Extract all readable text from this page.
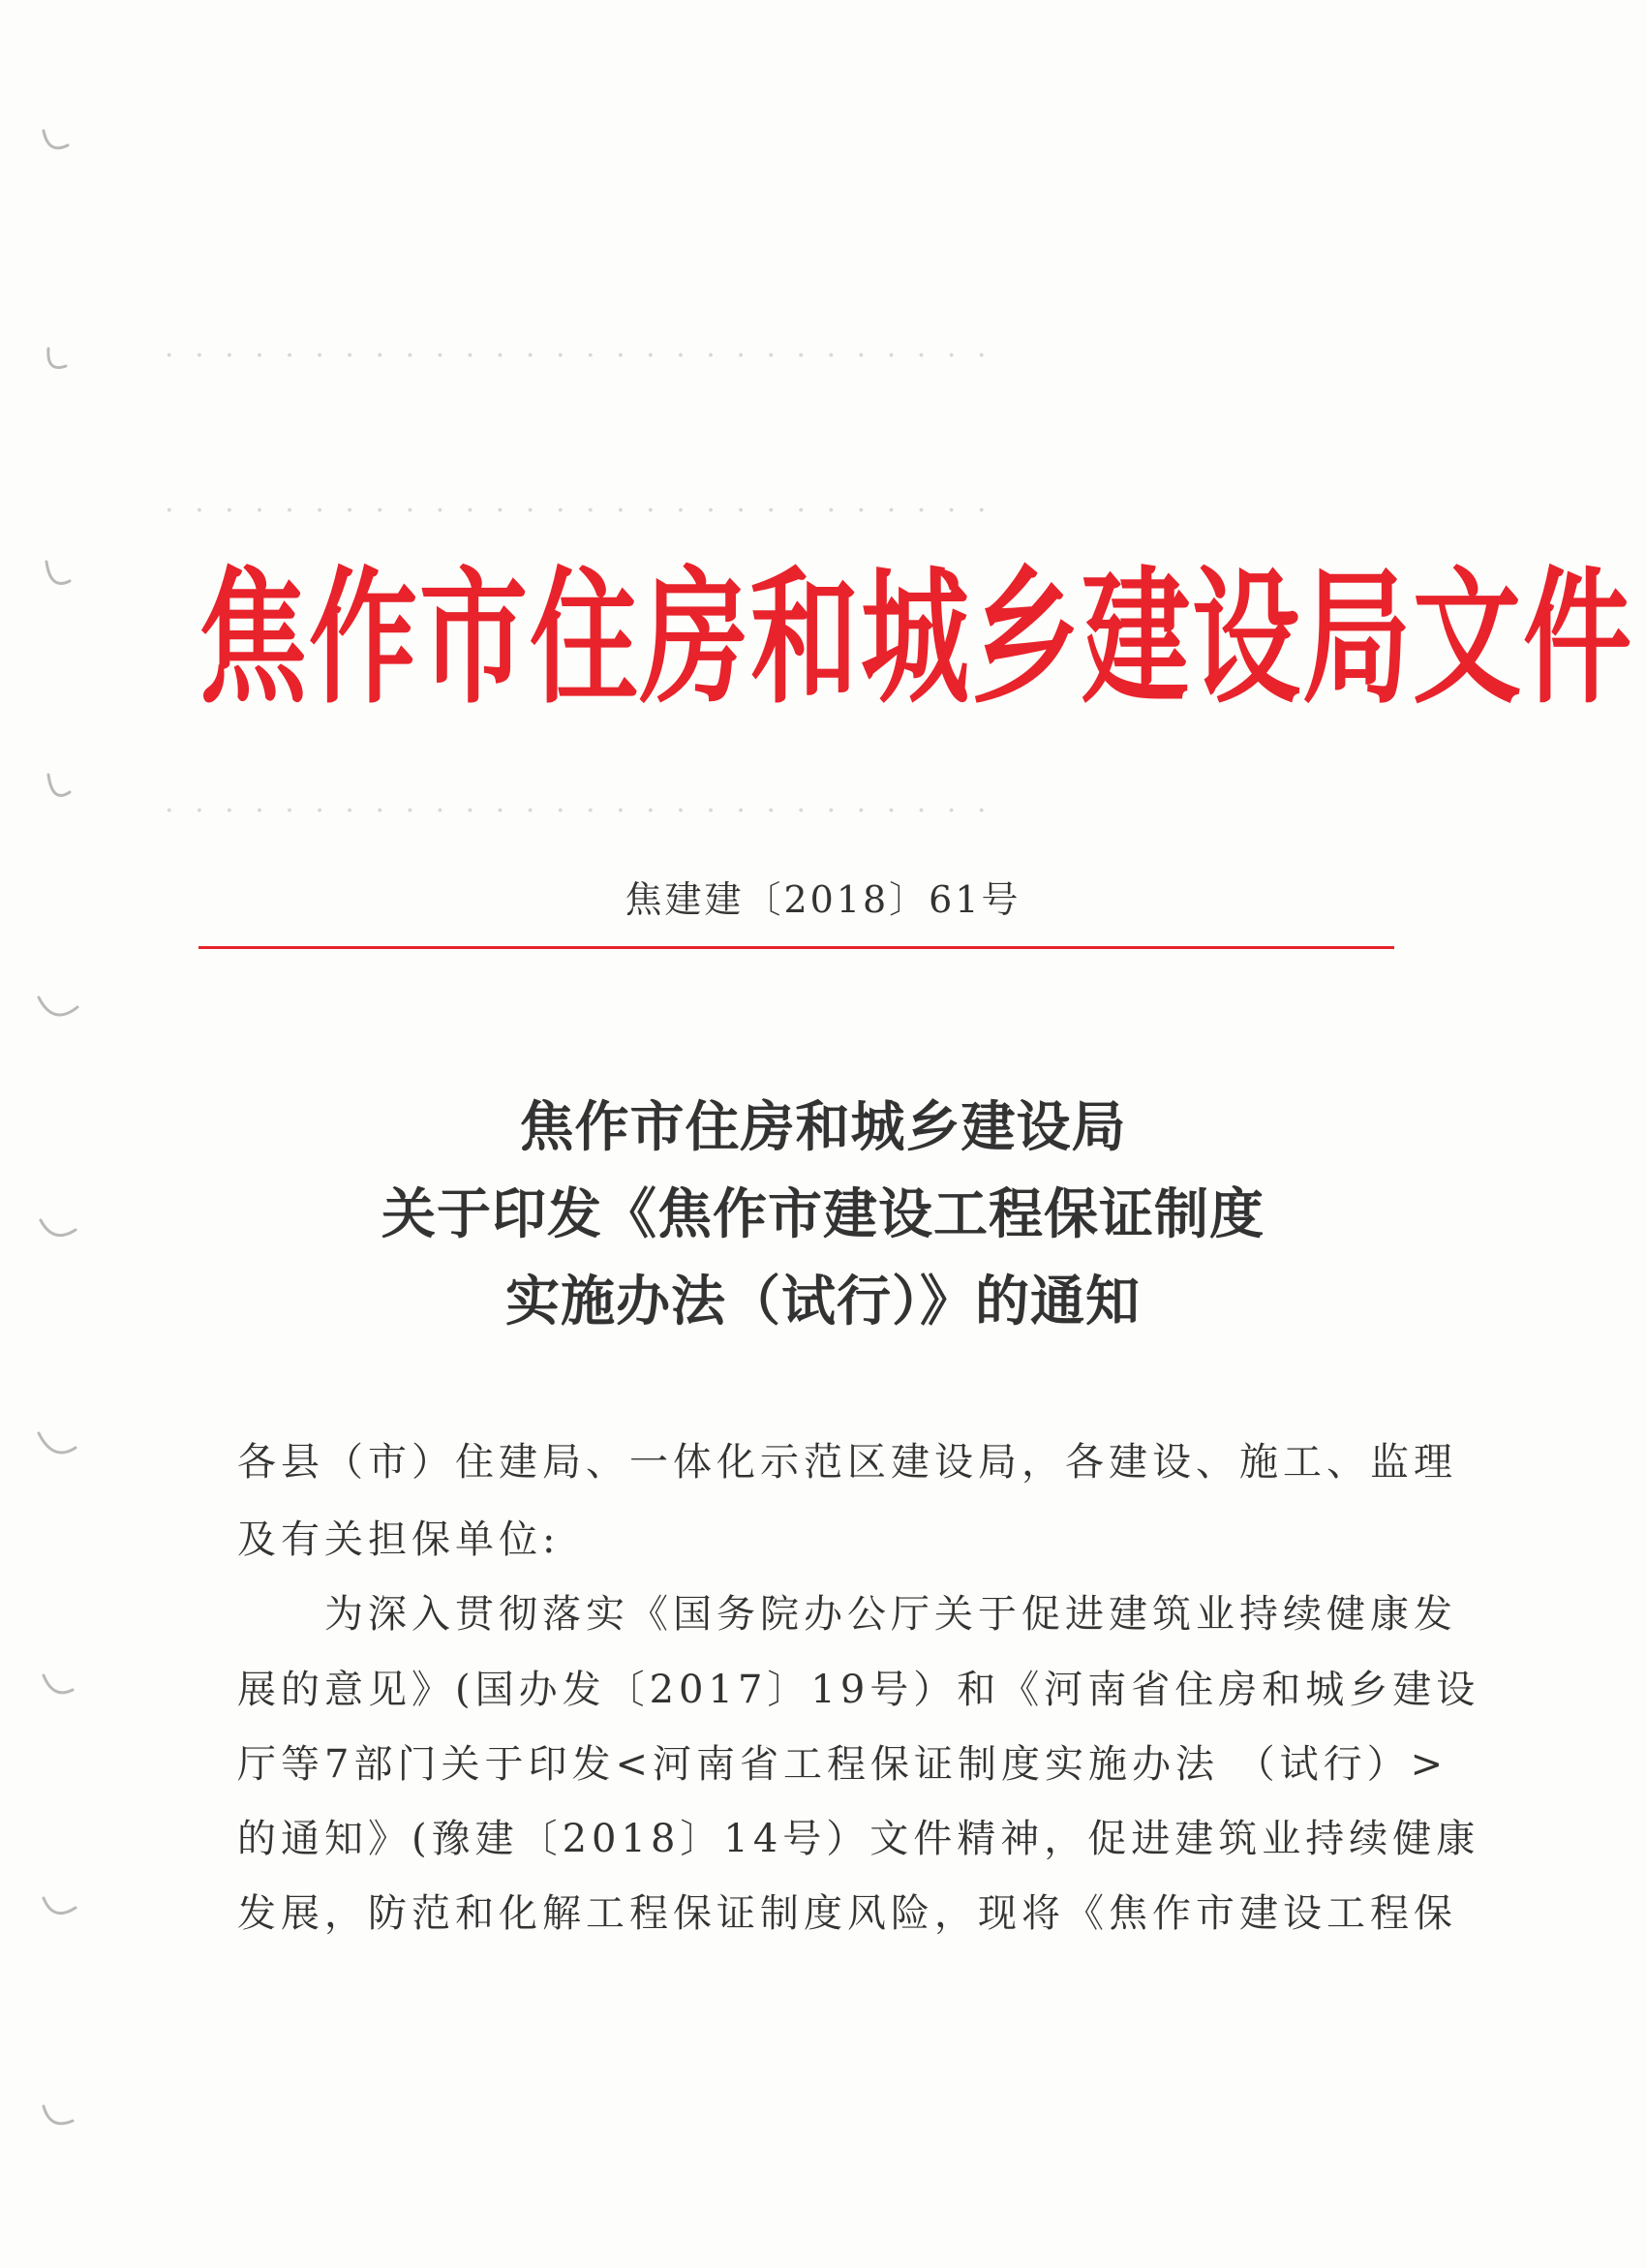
· · · · · · · · · · · · · · · · · · · · · · · · · · · ·
· · · · · · · · · · · · · · · · · · · · · · · · · · · ·
· · · · · · · · · · · · · · · · · · · · · · · · · · · ·
焦作市住房和城乡建设局文件
焦建建〔2018〕61号
焦作市住房和城乡建设局
关于印发《焦作市建设工程保证制度
实施办法（试行）》的通知
各县（市）住建局、一体化示范区建设局，各建设、施工、监理
及有关担保单位:
为深入贯彻落实《国务院办公厅关于促进建筑业持续健康发
展的意见》(国办发〔2017〕19号）和《河南省住房和城乡建设
厅等7部门关于印发<河南省工程保证制度实施办法 （试行）>
的通知》(豫建〔2018〕14号）文件精神，促进建筑业持续健康
发展，防范和化解工程保证制度风险，现将《焦作市建设工程保
